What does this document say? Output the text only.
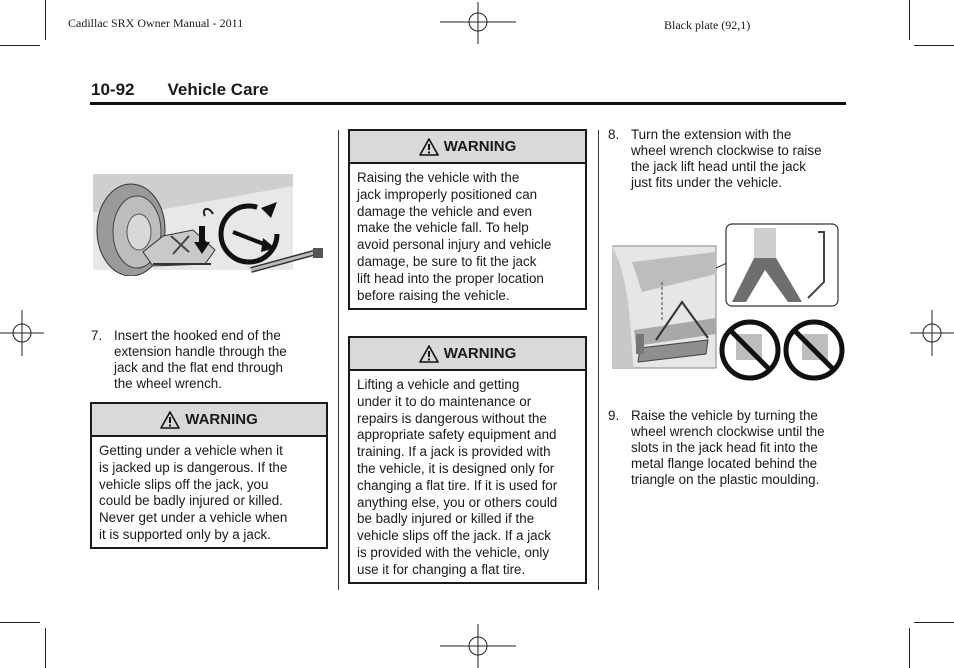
Cadillac SRX Owner Manual - 2011	Black plate (92,1)
10-92 Vehicle Care
7. Insert the hooked end of the
extension handle through the
jack and the flat end through
the wheel wrench.
WARNING
Getting under a vehicle when it
is jacked up is dangerous. If the
vehicle slips off the jack, you
could be badly injured or killed.
Never get under a vehicle when
it is supported only by a jack.
WARNING
Raising the vehicle with the
jack improperly positioned can
damage the vehicle and even
make the vehicle fall. To help
avoid personal injury and vehicle
damage, be sure to fit the jack
lift head into the proper location
before raising the vehicle.
WARNING
Lifting a vehicle and getting
under it to do maintenance or
repairs is dangerous without the
appropriate safety equipment and
training. If a jack is provided with
the vehicle, it is designed only for
changing a flat tire. If it is used for
anything else, you or others could
be badly injured or killed if the
vehicle slips off the jack. If a jack
is provided with the vehicle, only
use it for changing a flat tire.
8. Turn the extension with the
wheel wrench clockwise to raise
the jack lift head until the jack
just fits under the vehicle.
9. Raise the vehicle by turning the
wheel wrench clockwise until the
slots in the jack head fit into the
metal flange located behind the
triangle on the plastic moulding.
